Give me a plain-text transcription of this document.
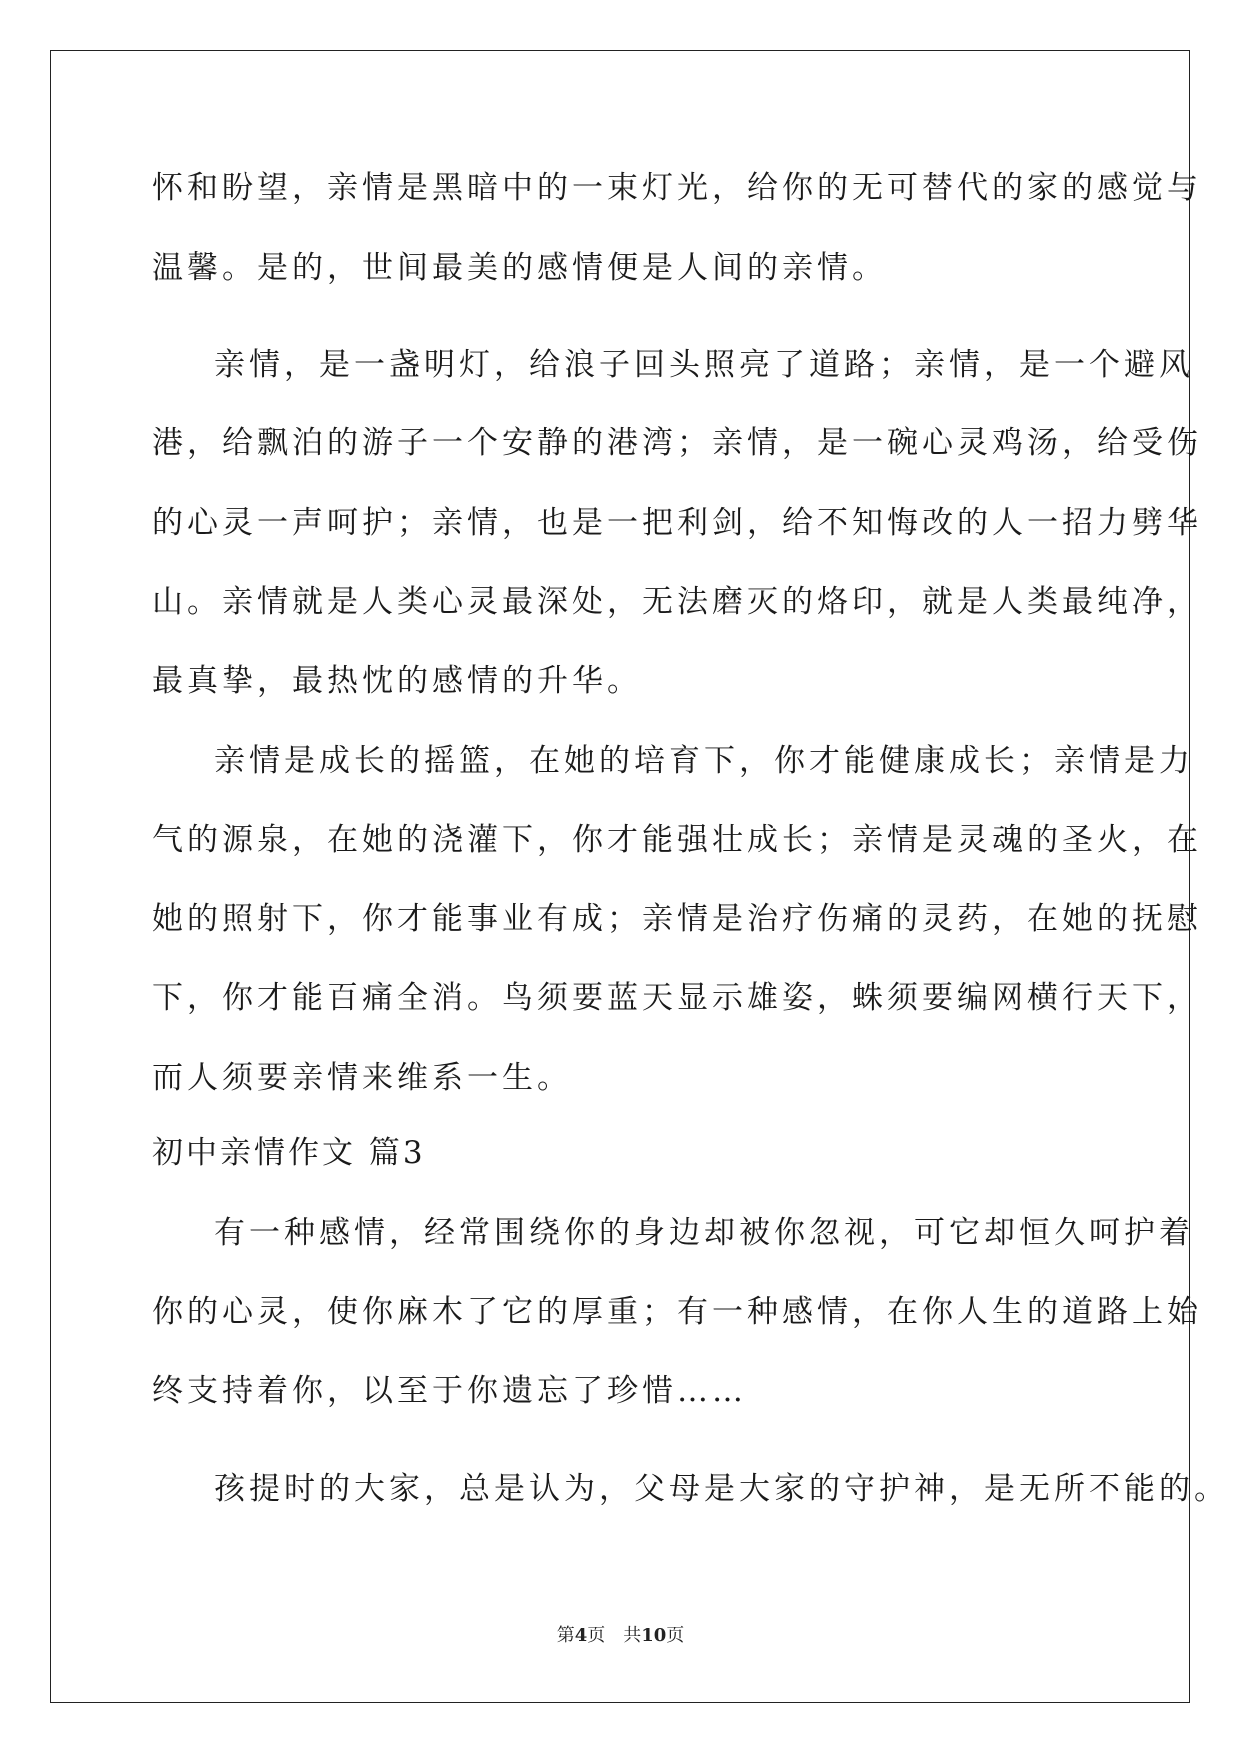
怀和盼望，亲情是黑暗中的一束灯光，给你的无可替代的家的感觉与
温馨。是的，世间最美的感情便是人间的亲情。
亲情，是一盏明灯，给浪子回头照亮了道路；亲情，是一个避风
港，给飘泊的游子一个安静的港湾；亲情，是一碗心灵鸡汤，给受伤
的心灵一声呵护；亲情，也是一把利剑，给不知悔改的人一招力劈华
山。亲情就是人类心灵最深处，无法磨灭的烙印，就是人类最纯净，
最真挚，最热忱的感情的升华。
亲情是成长的摇篮，在她的培育下，你才能健康成长；亲情是力
气的源泉，在她的浇灌下，你才能强壮成长；亲情是灵魂的圣火，在
她的照射下，你才能事业有成；亲情是治疗伤痛的灵药，在她的抚慰
下，你才能百痛全消。鸟须要蓝天显示雄姿，蛛须要编网横行天下，
而人须要亲情来维系一生。
初中亲情作文 篇3
有一种感情，经常围绕你的身边却被你忽视，可它却恒久呵护着
你的心灵，使你麻木了它的厚重；有一种感情，在你人生的道路上始
终支持着你，以至于你遗忘了珍惜……
孩提时的大家，总是认为，父母是大家的守护神，是无所不能的。
第4页 共10页
